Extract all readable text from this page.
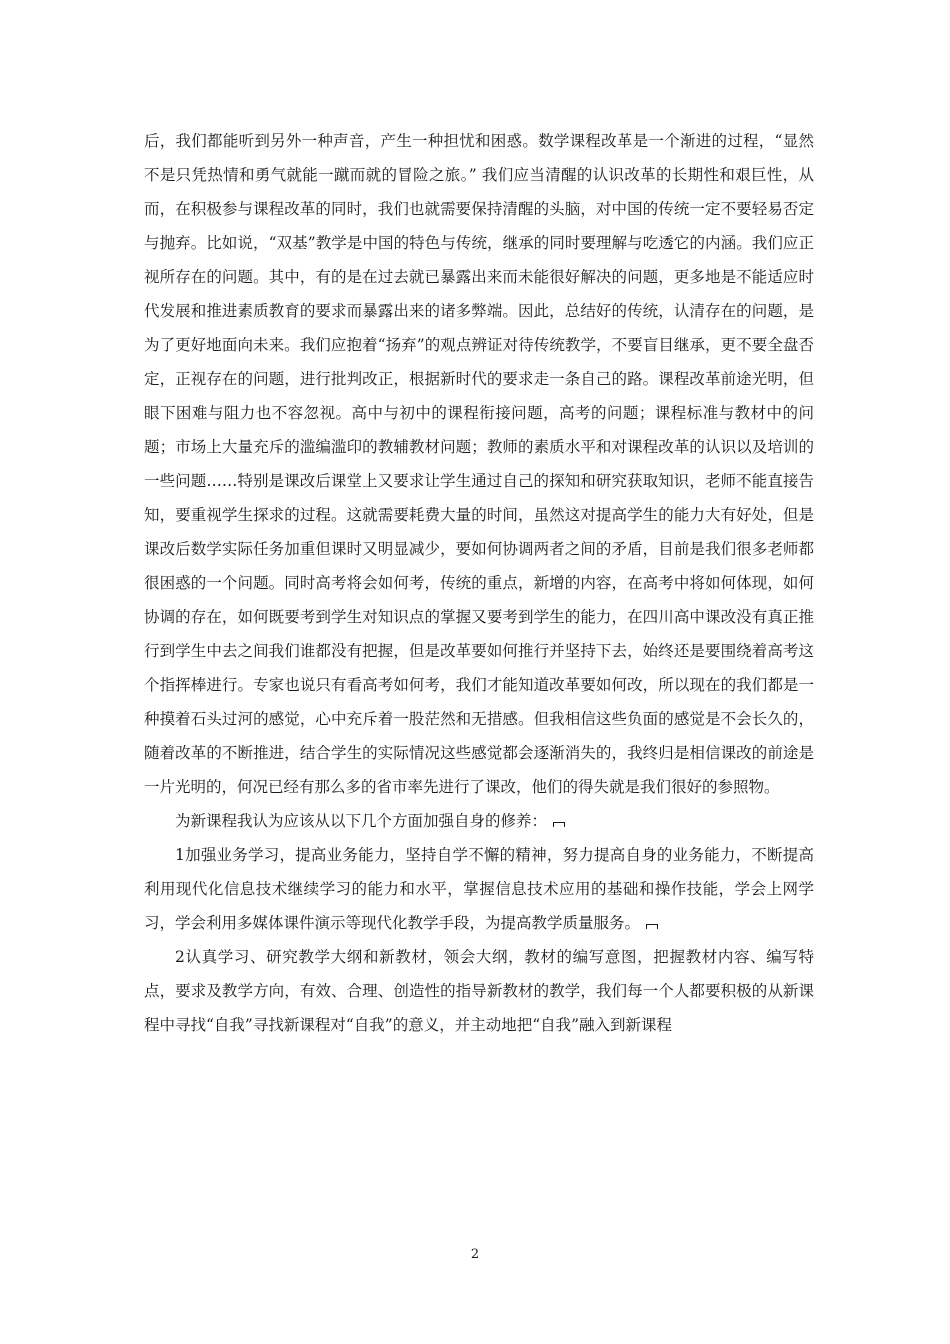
后，我们都能听到另外一种声音，产生一种担忧和困惑。数学课程改革是一个渐进的过程，“显然不是只凭热情和勇气就能一蹴而就的冒险之旅。” 我们应当清醒的认识改革的长期性和艰巨性，从而，在积极参与课程改革的同时，我们也就需要保持清醒的头脑，对中国的传统一定不要轻易否定与抛弃。比如说，“双基”教学是中国的特色与传统，继承的同时要理解与吃透它的内涵。我们应正视所存在的问题。其中，有的是在过去就已暴露出来而未能很好解决的问题，更多地是不能适应时代发展和推进素质教育的要求而暴露出来的诸多弊端。因此，总结好的传统，认清存在的问题，是为了更好地面向未来。我们应抱着“扬弃”的观点辨证对待传统教学，不要盲目继承，更不要全盘否定，正视存在的问题，进行批判改正，根据新时代的要求走一条自己的路。课程改革前途光明，但眼下困难与阻力也不容忽视。高中与初中的课程衔接问题，高考的问题；课程标准与教材中的问题；市场上大量充斥的滥编滥印的教辅教材问题；教师的素质水平和对课程改革的认识以及培训的一些问题……特别是课改后课堂上又要求让学生通过自己的探知和研究获取知识，老师不能直接告知，要重视学生探求的过程。这就需要耗费大量的时间，虽然这对提高学生的能力大有好处，但是课改后数学实际任务加重但课时又明显减少，要如何协调两者之间的矛盾，目前是我们很多老师都很困惑的一个问题。同时高考将会如何考，传统的重点，新增的内容，在高考中将如何体现，如何协调的存在，如何既要考到学生对知识点的掌握又要考到学生的能力，在四川高中课改没有真正推行到学生中去之间我们谁都没有把握，但是改革要如何推行并坚持下去，始终还是要围绕着高考这个指挥棒进行。专家也说只有看高考如何考，我们才能知道改革要如何改，所以现在的我们都是一种摸着石头过河的感觉，心中充斥着一股茫然和无措感。但我相信这些负面的感觉是不会长久的，随着改革的不断推进，结合学生的实际情况这些感觉都会逐渐消失的，我终归是相信课改的前途是一片光明的，何况已经有那么多的省市率先进行了课改，他们的得失就是我们很好的参照物。

为新课程我认为应该从以下几个方面加强自身的修养：

1加强业务学习，提高业务能力，坚持自学不懈的精神，努力提高自身的业务能力，不断提高利用现代化信息技术继续学习的能力和水平，掌握信息技术应用的基础和操作技能，学会上网学习，学会利用多媒体课件演示等现代化教学手段，为提高教学质量服务。

2认真学习、研究教学大纲和新教材，领会大纲，教材的编写意图，把握教材内容、编写特点，要求及教学方向，有效、合理、创造性的指导新教材的教学，我们每一个人都要积极的从新课程中寻找“自我”寻找新课程对“自我”的意义，并主动地把“自我”融入到新课程

2
